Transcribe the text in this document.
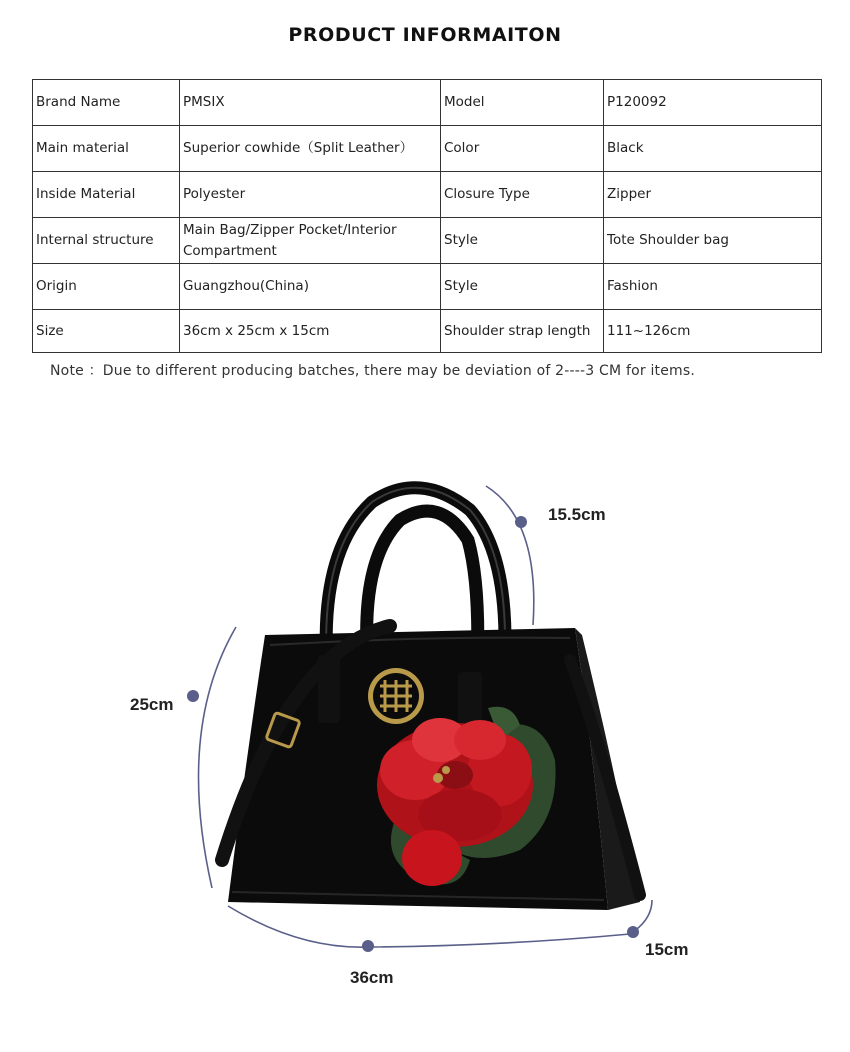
PRODUCT INFORMAITON
Brand Name	PMSIX	Model	P120092
Main material	Superior cowhide（Split Leather）	Color	Black
Inside Material	Polyester	Closure Type	Zipper
Internal structure	Main Bag/Zipper Pocket/Interior Compartment	Style	Tote Shoulder bag
Origin	Guangzhou(China)	Style	Fashion
Size	36cm x 25cm x 15cm	Shoulder strap length	111~126cm
Note ：Due to different producing batches, there may be deviation of 2----3 CM for items.
15.5cm
25cm
36cm
15cm
